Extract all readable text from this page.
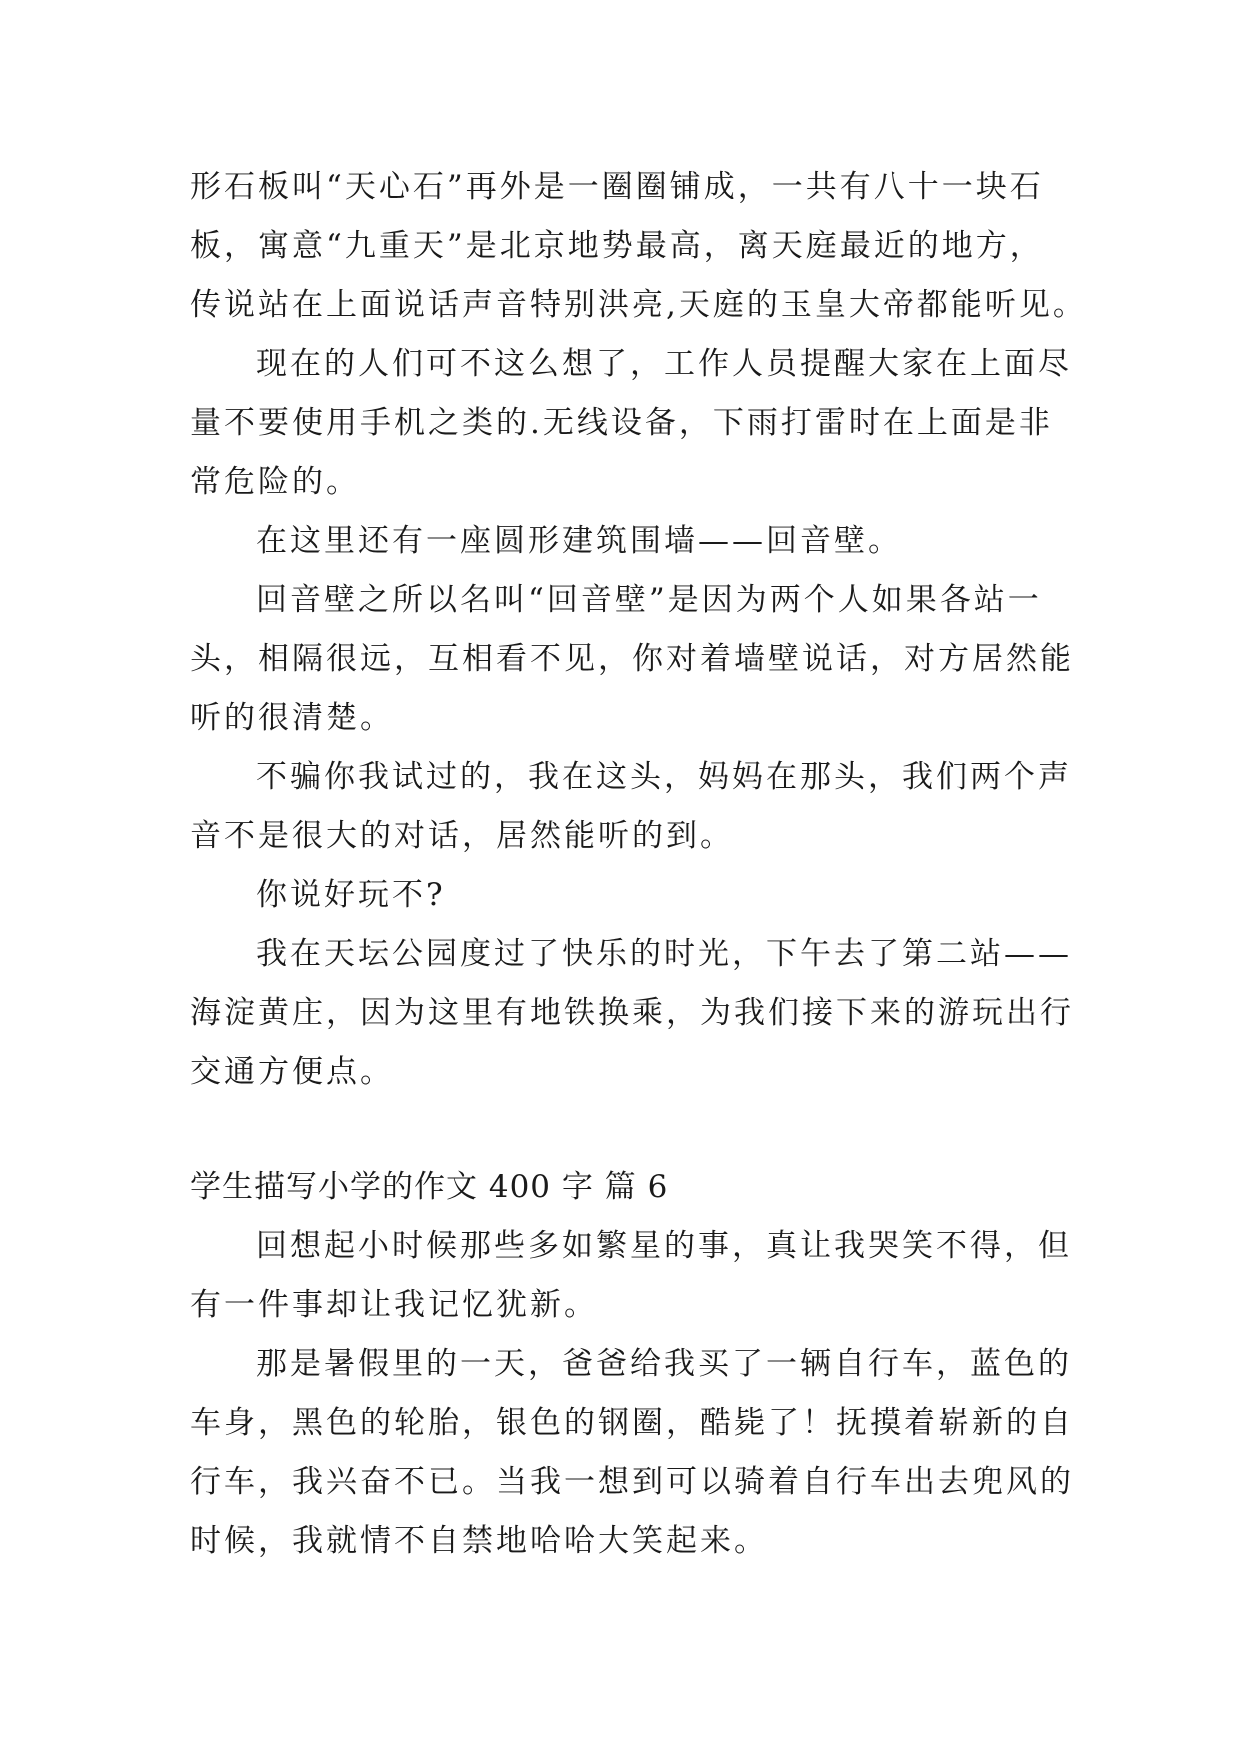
形石板叫“天心石”再外是一圈圈铺成，一共有八十一块石
板，寓意“九重天”是北京地势最高，离天庭最近的地方，
传说站在上面说话声音特别洪亮,天庭的玉皇大帝都能听见。
现在的人们可不这么想了，工作人员提醒大家在上面尽
量不要使用手机之类的.无线设备，下雨打雷时在上面是非
常危险的。
在这里还有一座圆形建筑围墙——回音壁。
回音壁之所以名叫“回音壁”是因为两个人如果各站一
头，相隔很远，互相看不见，你对着墙壁说话，对方居然能
听的很清楚。
不骗你我试过的，我在这头，妈妈在那头，我们两个声
音不是很大的对话，居然能听的到。
你说好玩不?
我在天坛公园度过了快乐的时光，下午去了第二站——
海淀黄庄，因为这里有地铁换乘，为我们接下来的游玩出行
交通方便点。
学生描写小学的作文 400 字 篇 6
回想起小时候那些多如繁星的事，真让我哭笑不得，但
有一件事却让我记忆犹新。
那是暑假里的一天，爸爸给我买了一辆自行车，蓝色的
车身，黑色的轮胎，银色的钢圈，酷毙了！抚摸着崭新的自
行车，我兴奋不已。当我一想到可以骑着自行车出去兜风的
时候，我就情不自禁地哈哈大笑起来。
